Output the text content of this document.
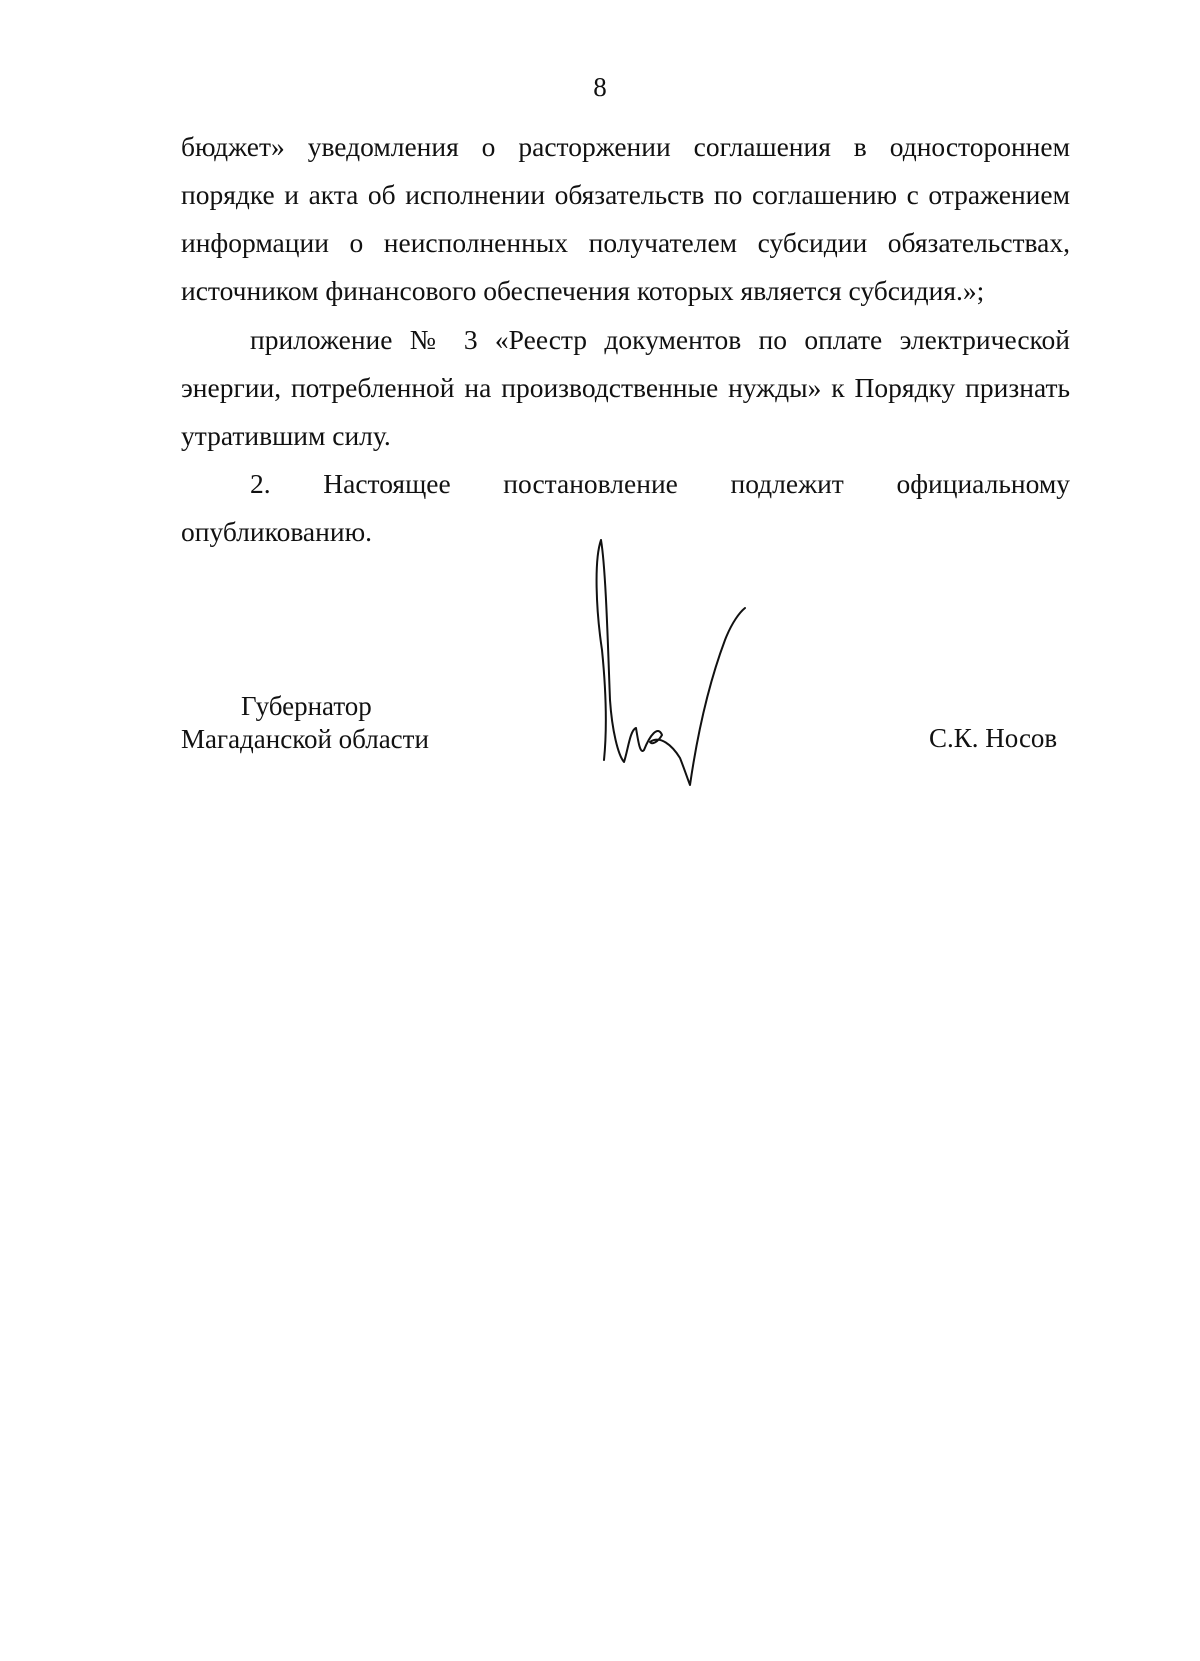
8
бюджет» уведомления о расторжении соглашения в одностороннем
порядке и акта об исполнении обязательств по соглашению с отражением
информации о неисполненных получателем субсидии обязательствах,
источником финансового обеспечения которых является субсидия.»;
приложение № 3 «Реестр документов по оплате электрической
энергии, потребленной на производственные нужды» к Порядку признать
утратившим силу.
2. Настоящее постановление подлежит официальному
опубликованию.
Губернатор
Магаданской области	С.К. Носов
